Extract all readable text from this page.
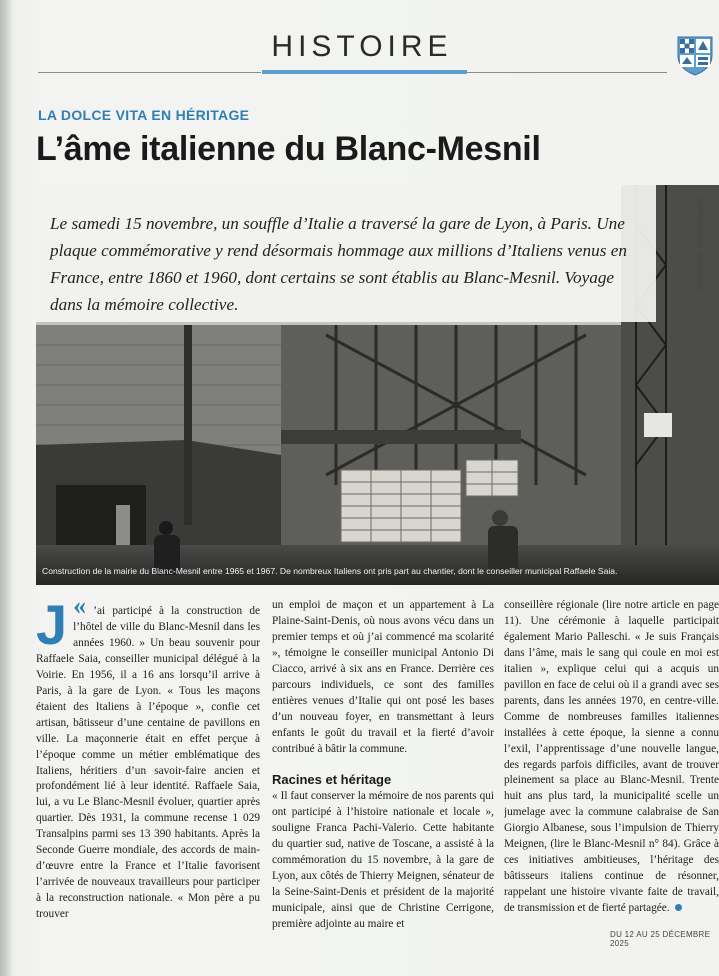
HISTOIRE
LA DOLCE VITA EN HÉRITAGE
L’âme italienne du Blanc-Mesnil

Le samedi 15 novembre, un souffle d’Italie a traversé la gare de Lyon, à Paris. Une plaque commémorative y rend désormais hommage aux millions d’Italiens venus en France, entre 1860 et 1960, dont certains se sont établis au Blanc-Mesnil. Voyage dans la mémoire collective.

ARCHIVES MUNICIPALES
Construction de la mairie du Blanc-Mesnil entre 1965 et 1967. De nombreux Italiens ont pris part au chantier, dont le conseiller municipal Raffaele Saia.

«
J ’ai participé à la construction de l’hôtel de ville du Blanc-Mesnil dans les années 1960. » Un beau souvenir pour Raffaele Saia, conseiller municipal délégué à la Voirie. En 1956, il a 16 ans lorsqu’il arrive à Paris, à la gare de Lyon. « Tous les maçons étaient des Italiens à l’époque », confie cet artisan, bâtisseur d’une centaine de pavillons en ville. La maçonnerie était en effet perçue à l’époque comme un métier emblématique des Italiens, héritiers d’un savoir-faire ancien et profondément lié à leur identité. Raffaele Saia, lui, a vu Le Blanc-Mesnil évoluer, quartier après quartier. Dès 1931, la commune recense 1 029 Transalpins parmi ses 13 390 habitants. Après la Seconde Guerre mondiale, des accords de main-d’œuvre entre la France et l’Italie favorisent l’arrivée de nouveaux travailleurs pour participer à la reconstruction nationale. « Mon père a pu trouver

un emploi de maçon et un appartement à La Plaine-Saint-Denis, où nous avons vécu dans un premier temps et où j’ai commencé ma scolarité », témoigne le conseiller municipal Antonio Di Ciacco, arrivé à six ans en France. Derrière ces parcours individuels, ce sont des familles entières venues d’Italie qui ont posé les bases d’un nouveau foyer, en transmettant à leurs enfants le goût du travail et la fierté d’avoir contribué à bâtir la commune.

Racines et héritage

« Il faut conserver la mémoire de nos parents qui ont participé à l’histoire nationale et locale », souligne Franca Pachi-Valerio. Cette habitante du quartier sud, native de Toscane, a assisté à la commémoration du 15 novembre, à la gare de Lyon, aux côtés de Thierry Meignen, sénateur de la Seine-Saint-Denis et président de la majorité municipale, ainsi que de Christine Cerrigone, première adjointe au maire et

conseillère régionale (lire notre article en page 11). Une cérémonie à laquelle participait également Mario Palleschi. « Je suis Français dans l’âme, mais le sang qui coule en moi est italien », explique celui qui a acquis un pavillon en face de celui où il a grandi avec ses parents, dans les années 1970, en centre-ville. Comme de nombreuses familles italiennes installées à cette époque, la sienne a connu l’exil, l’apprentissage d’une nouvelle langue, des regards parfois difficiles, avant de trouver pleinement sa place au Blanc-Mesnil. Trente huit ans plus tard, la municipalité scelle un jumelage avec la commune calabraise de San Giorgio Albanese, sous l’impulsion de Thierry Meignen, (lire le Blanc-Mesnil n° 84). Grâce à ces initiatives ambitieuses, l’héritage des bâtisseurs italiens continue de résonner, rappelant une histoire vivante faite de travail, de transmission et de fierté partagée.

DU 12 AU 25 DÉCEMBRE 2025
